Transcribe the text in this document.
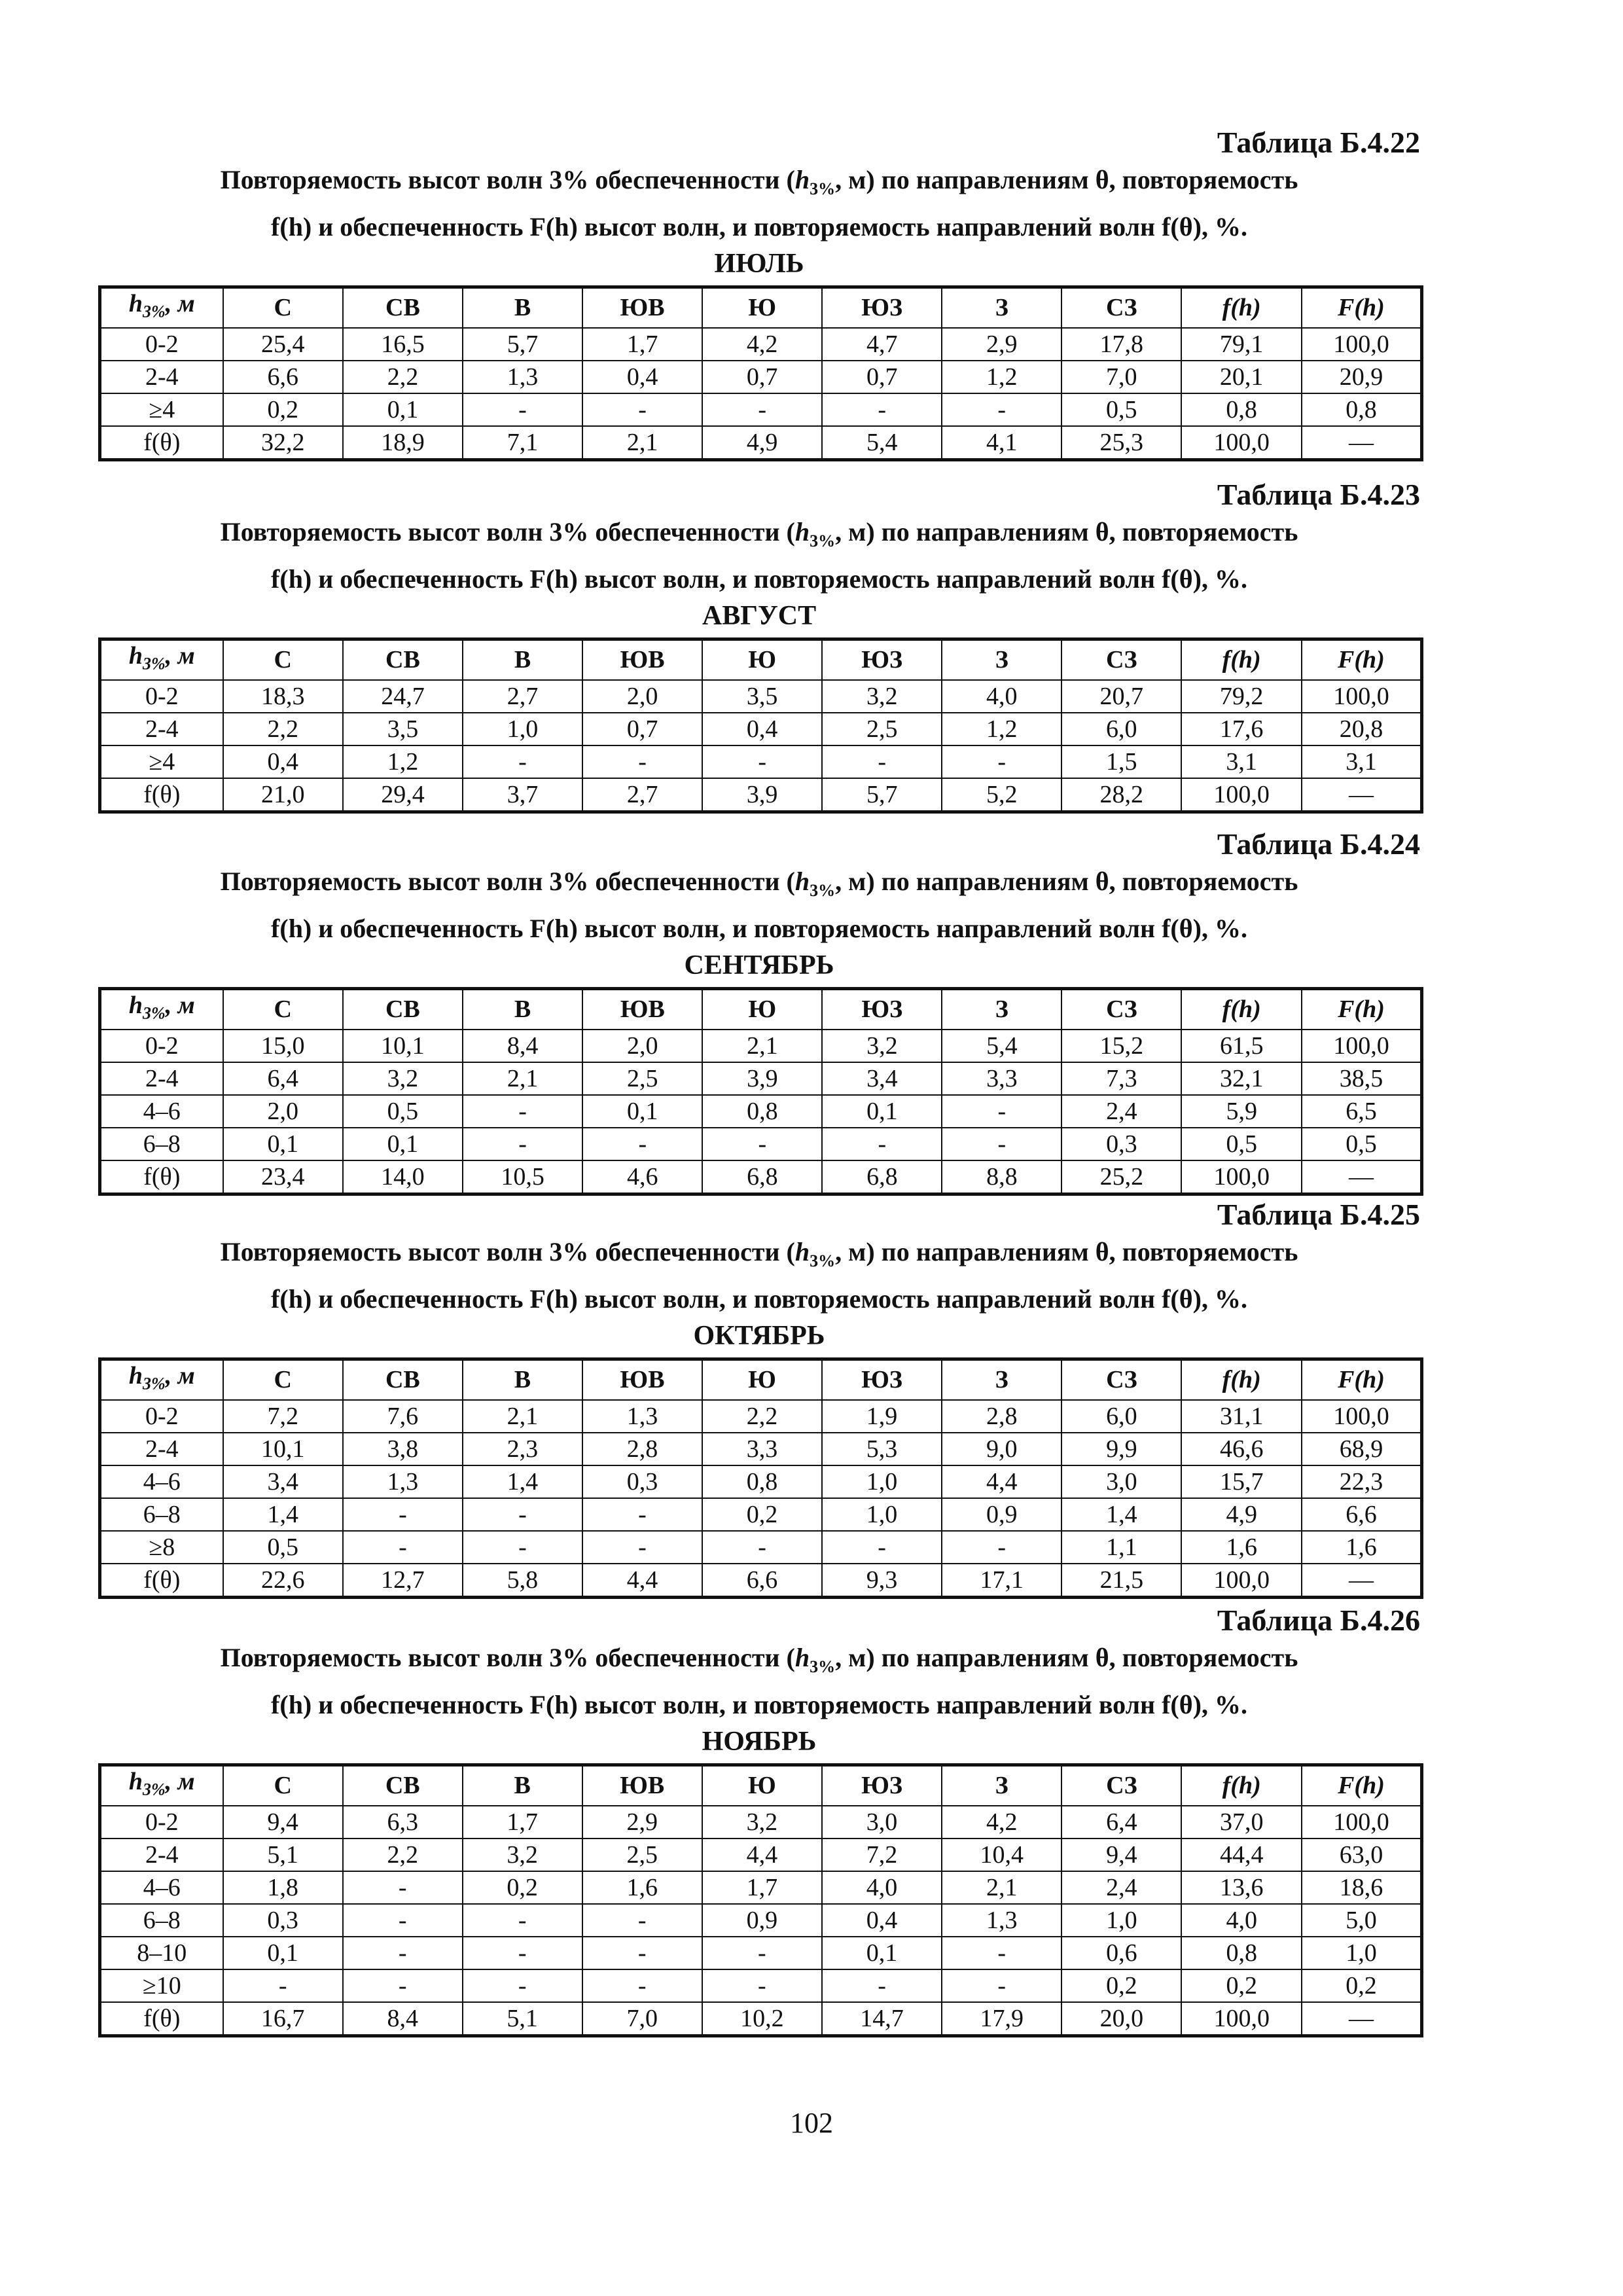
Таблица Б.4.22
Повторяемость высот волн 3% обеспеченности ($h_{3\%}$, м) по направлениям θ, повторяемость
f(h) и обеспеченность F(h) высот волн, и повторяемость направлений волн f(θ), %.
ИЮЛЬ
$h_{3\%}$, м	С	СВ	В	ЮВ	Ю	ЮЗ	З	СЗ	f(h)	F(h)
0-2	25,4	16,5	5,7	1,7	4,2	4,7	2,9	17,8	79,1	100,0
2-4	6,6	2,2	1,3	0,4	0,7	0,7	1,2	7,0	20,1	20,9
≥4	0,2	0,1	-	-	-	-	-	0,5	0,8	0,8
f(θ)	32,2	18,9	7,1	2,1	4,9	5,4	4,1	25,3	100,0	—
Таблица Б.4.23
Повторяемость высот волн 3% обеспеченности ($h_{3\%}$, м) по направлениям θ, повторяемость
f(h) и обеспеченность F(h) высот волн, и повторяемость направлений волн f(θ), %.
АВГУСТ
$h_{3\%}$, м	С	СВ	В	ЮВ	Ю	ЮЗ	З	СЗ	f(h)	F(h)
0-2	18,3	24,7	2,7	2,0	3,5	3,2	4,0	20,7	79,2	100,0
2-4	2,2	3,5	1,0	0,7	0,4	2,5	1,2	6,0	17,6	20,8
≥4	0,4	1,2	-	-	-	-	-	1,5	3,1	3,1
f(θ)	21,0	29,4	3,7	2,7	3,9	5,7	5,2	28,2	100,0	—
Таблица Б.4.24
Повторяемость высот волн 3% обеспеченности ($h_{3\%}$, м) по направлениям θ, повторяемость
f(h) и обеспеченность F(h) высот волн, и повторяемость направлений волн f(θ), %.
СЕНТЯБРЬ
$h_{3\%}$, м	С	СВ	В	ЮВ	Ю	ЮЗ	З	СЗ	f(h)	F(h)
0-2	15,0	10,1	8,4	2,0	2,1	3,2	5,4	15,2	61,5	100,0
2-4	6,4	3,2	2,1	2,5	3,9	3,4	3,3	7,3	32,1	38,5
4–6	2,0	0,5	-	0,1	0,8	0,1	-	2,4	5,9	6,5
6–8	0,1	0,1	-	-	-	-	-	0,3	0,5	0,5
f(θ)	23,4	14,0	10,5	4,6	6,8	6,8	8,8	25,2	100,0	—
Таблица Б.4.25
Повторяемость высот волн 3% обеспеченности ($h_{3\%}$, м) по направлениям θ, повторяемость
f(h) и обеспеченность F(h) высот волн, и повторяемость направлений волн f(θ), %.
ОКТЯБРЬ
$h_{3\%}$, м	С	СВ	В	ЮВ	Ю	ЮЗ	З	СЗ	f(h)	F(h)
0-2	7,2	7,6	2,1	1,3	2,2	1,9	2,8	6,0	31,1	100,0
2-4	10,1	3,8	2,3	2,8	3,3	5,3	9,0	9,9	46,6	68,9
4–6	3,4	1,3	1,4	0,3	0,8	1,0	4,4	3,0	15,7	22,3
6–8	1,4	-	-	-	0,2	1,0	0,9	1,4	4,9	6,6
≥8	0,5	-	-	-	-	-	-	1,1	1,6	1,6
f(θ)	22,6	12,7	5,8	4,4	6,6	9,3	17,1	21,5	100,0	—
Таблица Б.4.26
Повторяемость высот волн 3% обеспеченности ($h_{3\%}$, м) по направлениям θ, повторяемость
f(h) и обеспеченность F(h) высот волн, и повторяемость направлений волн f(θ), %.
НОЯБРЬ
$h_{3\%}$, м	С	СВ	В	ЮВ	Ю	ЮЗ	З	СЗ	f(h)	F(h)
0-2	9,4	6,3	1,7	2,9	3,2	3,0	4,2	6,4	37,0	100,0
2-4	5,1	2,2	3,2	2,5	4,4	7,2	10,4	9,4	44,4	63,0
4–6	1,8	-	0,2	1,6	1,7	4,0	2,1	2,4	13,6	18,6
6–8	0,3	-	-	-	0,9	0,4	1,3	1,0	4,0	5,0
8–10	0,1	-	-	-	-	0,1	-	0,6	0,8	1,0
≥10	-	-	-	-	-	-	-	0,2	0,2	0,2
f(θ)	16,7	8,4	5,1	7,0	10,2	14,7	17,9	20,0	100,0	—
102
